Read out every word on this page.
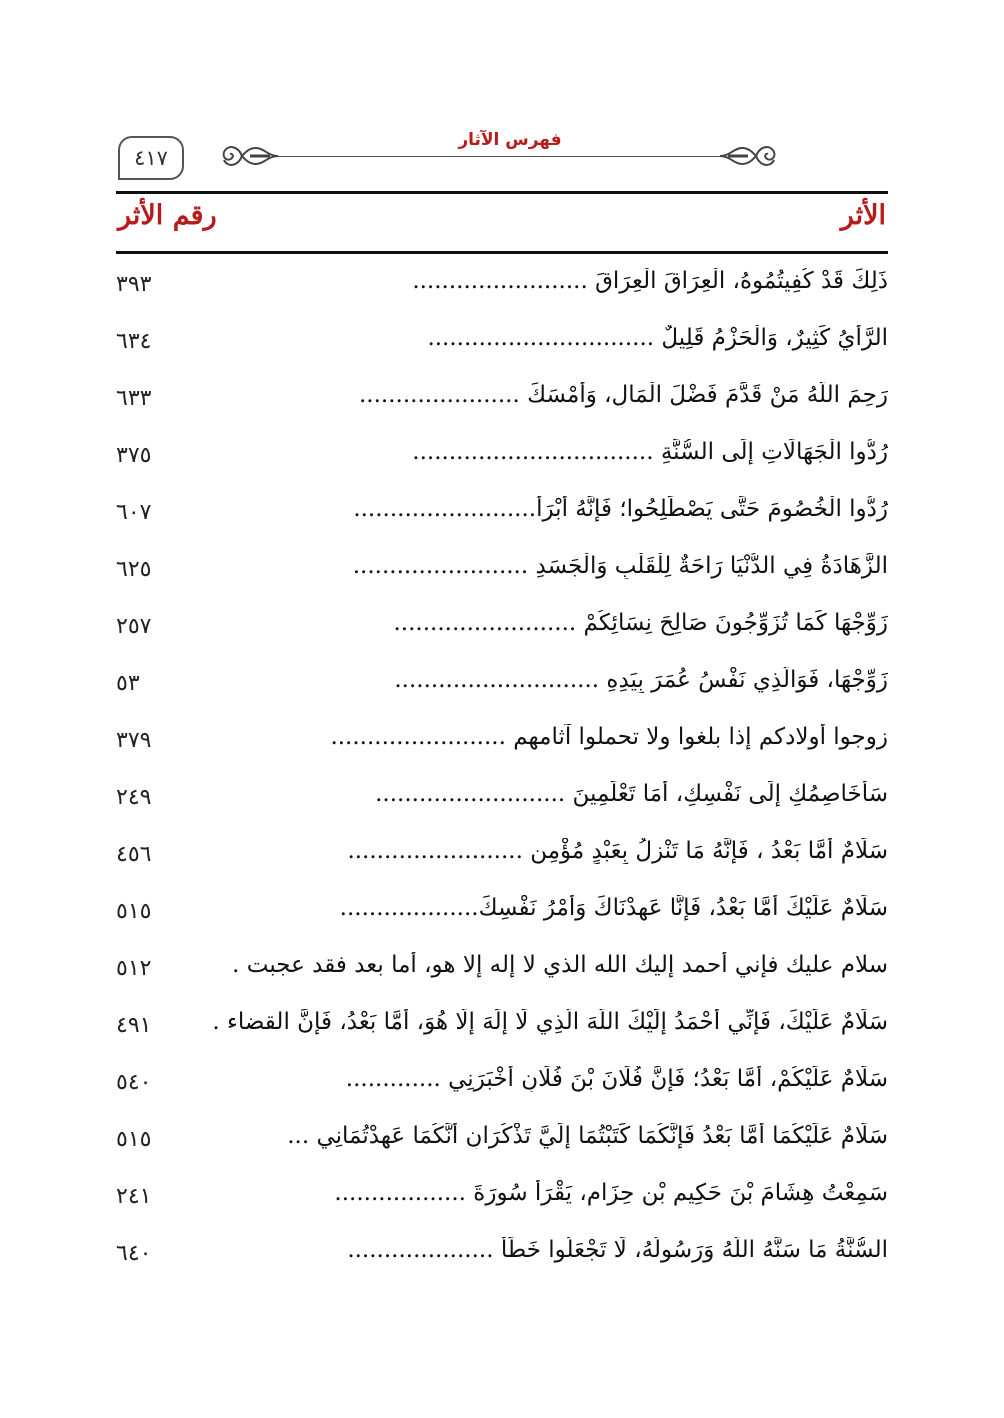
٤١٧
فهرس الآثار
الأثر
رقم الأثر
ذَلِكَ قَدْ كُفِيتُمُوهُ، الْعِرَاقَ الْعِرَاقَ ........................
٣٩٣
الرَّأْيُ كَثِيرٌ، وَالْحَزْمُ قَلِيلٌ ...............................
٦٣٤
رَحِمَ اللَّهُ مَنْ قَدَّمَ فَضْلَ الْمَالِ، وَأَمْسَكَ ......................
٦٣٣
رُدُّوا الْجَهَالَاتِ إِلَى السُّنَّةِ .................................
٣٧٥
رُدُّوا الْخُصُومَ حَتَّى يَصْطَلِحُوا؛ فَإِنَّهُ أَبْرَأُ.........................
٦٠٧
الزَّهَادَةُ فِي الدُّنْيَا رَاحَةٌ لِلْقَلْبِ وَالْجَسَدِ ........................
٦٢٥
زَوِّجْهَا كَمَا تُزَوِّجُونَ صَالِحَ نِسَائِكُمْ .........................
٢٥٧
زَوِّجْهَا، فَوَالَّذِي نَفْسُ عُمَرَ بِيَدِهِ ............................
٥٣
زوجوا أولادكم إذا بلغوا ولا تحملوا آثامهم ........................
٣٧٩
سَأُخَاصِمُكِ إِلَى نَفْسِكِ، أَمَا تَعْلَمِينَ ..........................
٢٤٩
سَلَامٌ أَمَّا بَعْدُ ، فَإِنَّهُ مَا تَنْزِلُ بِعَبْدٍ مُؤْمِنٍ ........................
٤٥٦
سَلَامٌ عَلَيْكَ أَمَّا بَعْدُ، فَإِنَّا عَهِدْنَاكَ وَأَمْرُ نَفْسِكَ...................
٥١٥
سلام عليك فإني أحمد إليك الله الذي لا إله إلا هو، أما بعد فقد عجبت .
٥١٢
سَلَامٌ عَلَيْكَ، فَإِنِّي أَحْمَدُ إِلَيْكَ اللَّهَ الَّذِي لَا إِلَهَ إِلَّا هُوَ، أَمَّا بَعْدُ، فَإِنَّ القضاء .
٤٩١
سَلَامٌ عَلَيْكُمْ، أَمَّا بَعْدُ؛ فَإِنَّ فُلَانَ بْنَ فُلَانٍ أَخْبَرَنِي .............
٥٤٠
سَلَامٌ عَلَيْكُمَا أَمَّا بَعْدُ فَإِنَّكُمَا كَتَبْتُمَا إِلَيَّ تَذْكُرَانِ أَنَّكُمَا عَهِدْتُمَانِي ...
٥١٥
سَمِعْتُ هِشَامَ بْنَ حَكِيمِ بْنِ حِزَامٍ، يَقْرَأُ سُورَةَ ..................
٢٤١
السُّنَّةُ مَا سَنَّهُ اللَّهُ وَرَسُولُهُ، لَا تَجْعَلُوا خَطَأً ....................
٦٤٠
